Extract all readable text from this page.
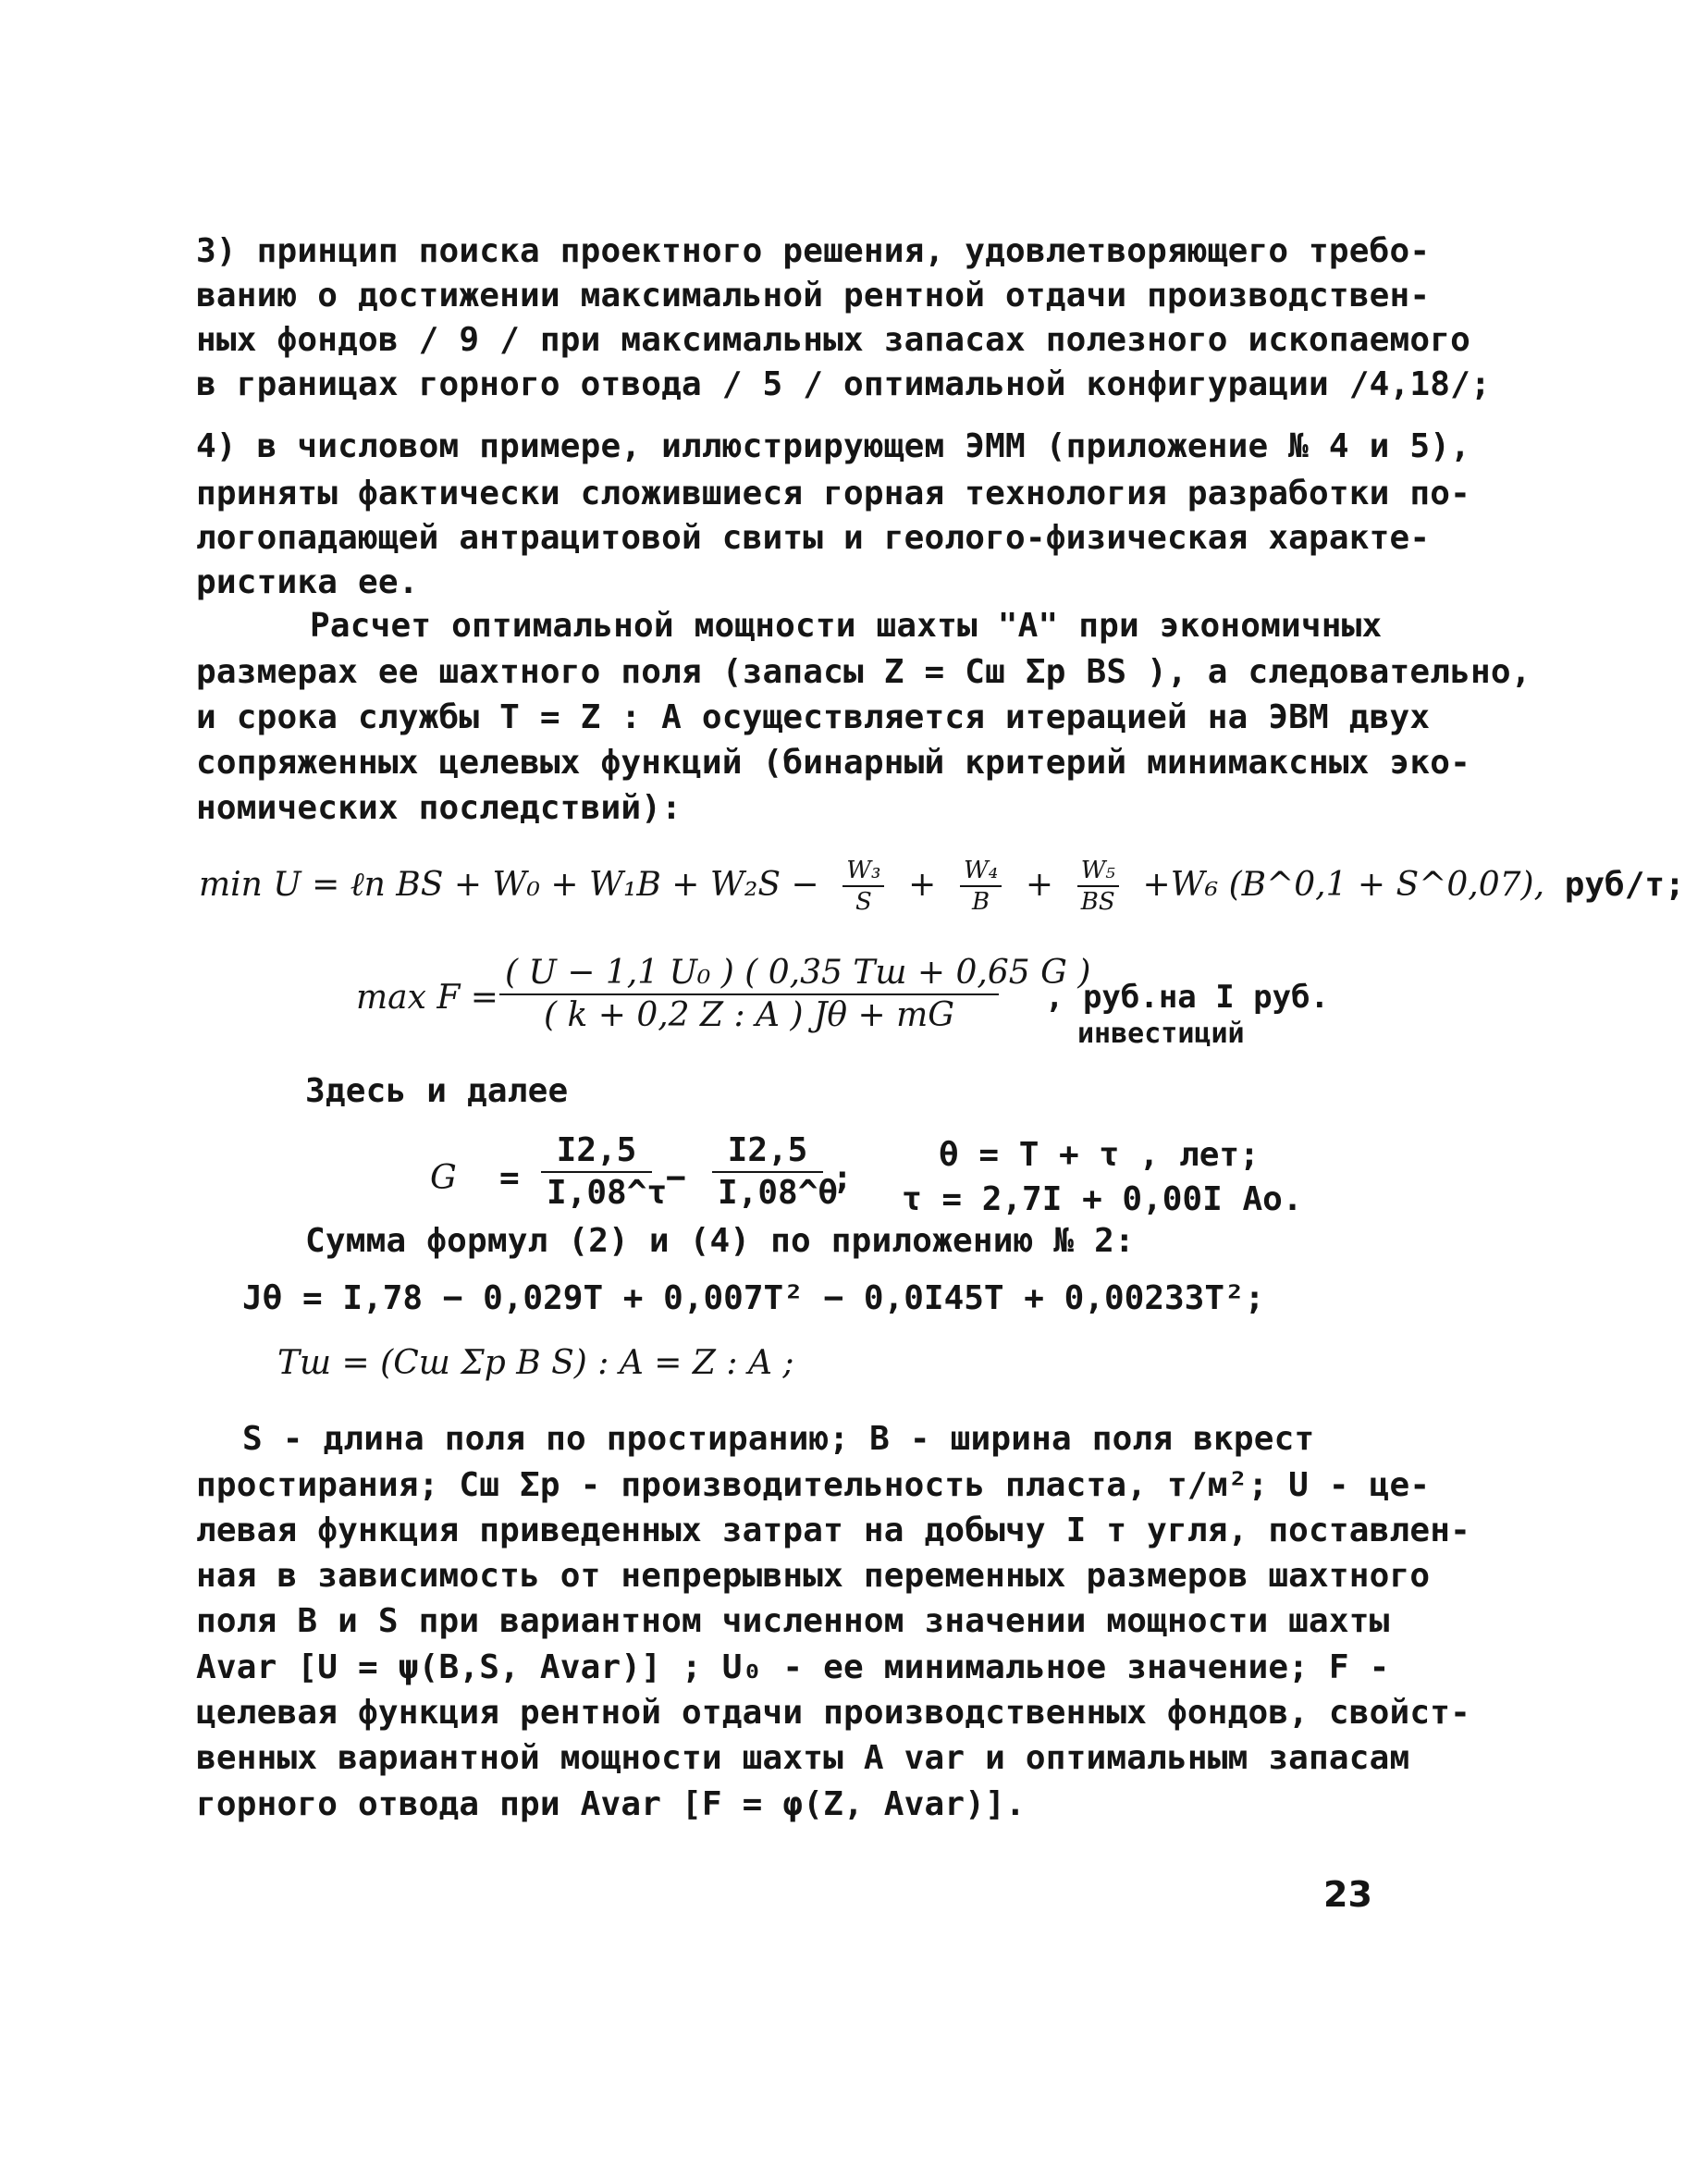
3) принцип поиска проектного решения, удовлетворяющего требо-
ванию о достижении максимальной рентной отдачи производствен-
ных фондов / 9 / при максимальных запасах полезного ископаемого
в границах горного отвода / 5 / оптимальной конфигурации /4,18/;
4) в числовом примере, иллюстрирующем ЭММ (приложение № 4 и 5),
приняты фактически сложившиеся горная технология разработки по-
логопадающей антрацитовой свиты и геолого-физическая характе-
ристика ее.
Расчет оптимальной мощности шахты "А" при экономичных
размерах ее шахтного поля (запасы Z = Cш Σp BS ), а следовательно,
и срока службы T = Z : A осуществляется итерацией на ЭВМ двух
сопряженных целевых функций (бинарный критерий минимаксных эко-
номических последствий):
min U = ℓn BS + $W_0 + W_1B + W_2S - \frac{\text{W₃}}{S} + \frac{\text{W₄}}{B} + \frac{\text{W₅}}{BS} +W_6$ (B^0,1 + S^0,07), руб/т;
max F =
( U − 1,1 U₀ ) ( 0,35 Tш + 0,65 G )
( k + 0,2 Z : A ) Jθ + mG	, руб.на I руб.
инвестиций
Здесь и далее
G =
I2,5
I,08^τ
−
I2,5
I,08^θ
;
θ = T + τ , лет;
τ = 2,7I + 0,00I Ao.
Сумма формул (2) и (4) по приложению № 2:
Jθ = I,78 − 0,029T + 0,007T² − 0,0I45T + 0,00233T²;
Tш = (Cш Σp B S) : A = Z : A ;
S - длина поля по простиранию; B - ширина поля вкрест
простирания; Cш Σp - производительность пласта, т/м²; U - це-
левая функция приведенных затрат на добычу I т угля, поставлен-
ная в зависимость от непрерывных переменных размеров шахтного
поля B и S при вариантном численном значении мощности шахты
Avar [U = ψ(B,S, Avar)] ; U₀ - ее минимальное значение; F -
целевая функция рентной отдачи производственных фондов, свойст-
венных вариантной мощности шахты A var и оптимальным запасам
горного отвода при Avar [F = φ(Z, Avar)].
23
